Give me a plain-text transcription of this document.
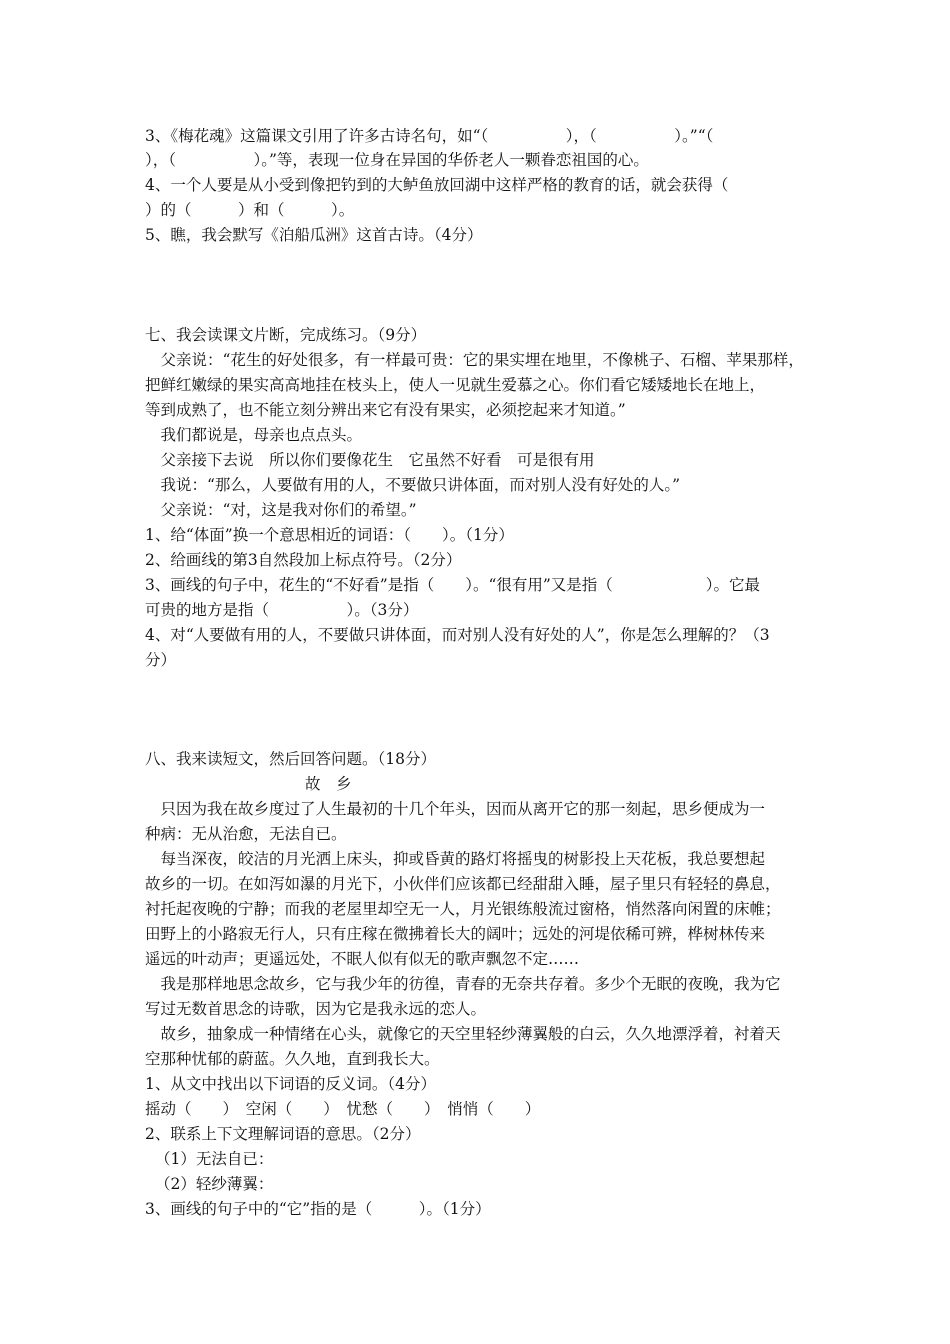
3、《梅花魂》这篇课文引用了许多古诗名句，如“（　　　　　），（　　　　　）。”“（
），（　　　　　）。”等，表现一位身在异国的华侨老人一颗眷恋祖国的心。
4、一个人要是从小受到像把钓到的大鲈鱼放回湖中这样严格的教育的话，就会获得（
）的（　　　）和（　　　）。
5、瞧，我会默写《泊船瓜洲》这首古诗。（4分）
七、我会读课文片断，完成练习。（9分）
　父亲说：“花生的好处很多，有一样最可贵：它的果实埋在地里，不像桃子、石榴、苹果那样，
把鲜红嫩绿的果实高高地挂在枝头上，使人一见就生爱慕之心。你们看它矮矮地长在地上，
等到成熟了，也不能立刻分辨出来它有没有果实，必须挖起来才知道。”
　我们都说是，母亲也点点头。
　父亲接下去说　所以你们要像花生　它虽然不好看　可是很有用
　我说：“那么，人要做有用的人，不要做只讲体面，而对别人没有好处的人。”
　父亲说：“对，这是我对你们的希望。”
1、给“体面”换一个意思相近的词语：（　　）。（1分）
2、给画线的第3自然段加上标点符号。（2分）
3、画线的句子中，花生的“不好看”是指（　　）。“很有用”又是指（　　　　　　）。它最
可贵的地方是指（　　　　　）。（3分）
4、对“人要做有用的人，不要做只讲体面，而对别人没有好处的人”，你是怎么理解的？（3
分）
八、我来读短文，然后回答问题。（18分）
故　乡
　只因为我在故乡度过了人生最初的十几个年头，因而从离开它的那一刻起，思乡便成为一
种病：无从治愈，无法自已。
　每当深夜，皎洁的月光洒上床头，抑或昏黄的路灯将摇曳的树影投上天花板，我总要想起
故乡的一切。在如泻如瀑的月光下，小伙伴们应该都已经甜甜入睡，屋子里只有轻轻的鼻息，
衬托起夜晚的宁静；而我的老屋里却空无一人，月光银练般流过窗格，悄然落向闲置的床帷；
田野上的小路寂无行人，只有庄稼在微拂着长大的阔叶；远处的河堤依稀可辨，桦树林传来
遥远的叶动声；更遥远处，不眠人似有似无的歌声飘忽不定……
　我是那样地思念故乡，它与我少年的彷徨，青春的无奈共存着。多少个无眠的夜晚，我为它
写过无数首思念的诗歌，因为它是我永远的恋人。
　故乡，抽象成一种情绪在心头，就像它的天空里轻纱薄翼般的白云，久久地漂浮着，衬着天
空那种忧郁的蔚蓝。久久地，直到我长大。
1、从文中找出以下词语的反义词。（4分）
摇动（　　）　空闲（　　）　忧愁（　　）　悄悄（　　）
2、联系上下文理解词语的意思。（2分）
（1）无法自已：
（2）轻纱薄翼：
3、画线的句子中的“它”指的是（　　　）。（1分）
